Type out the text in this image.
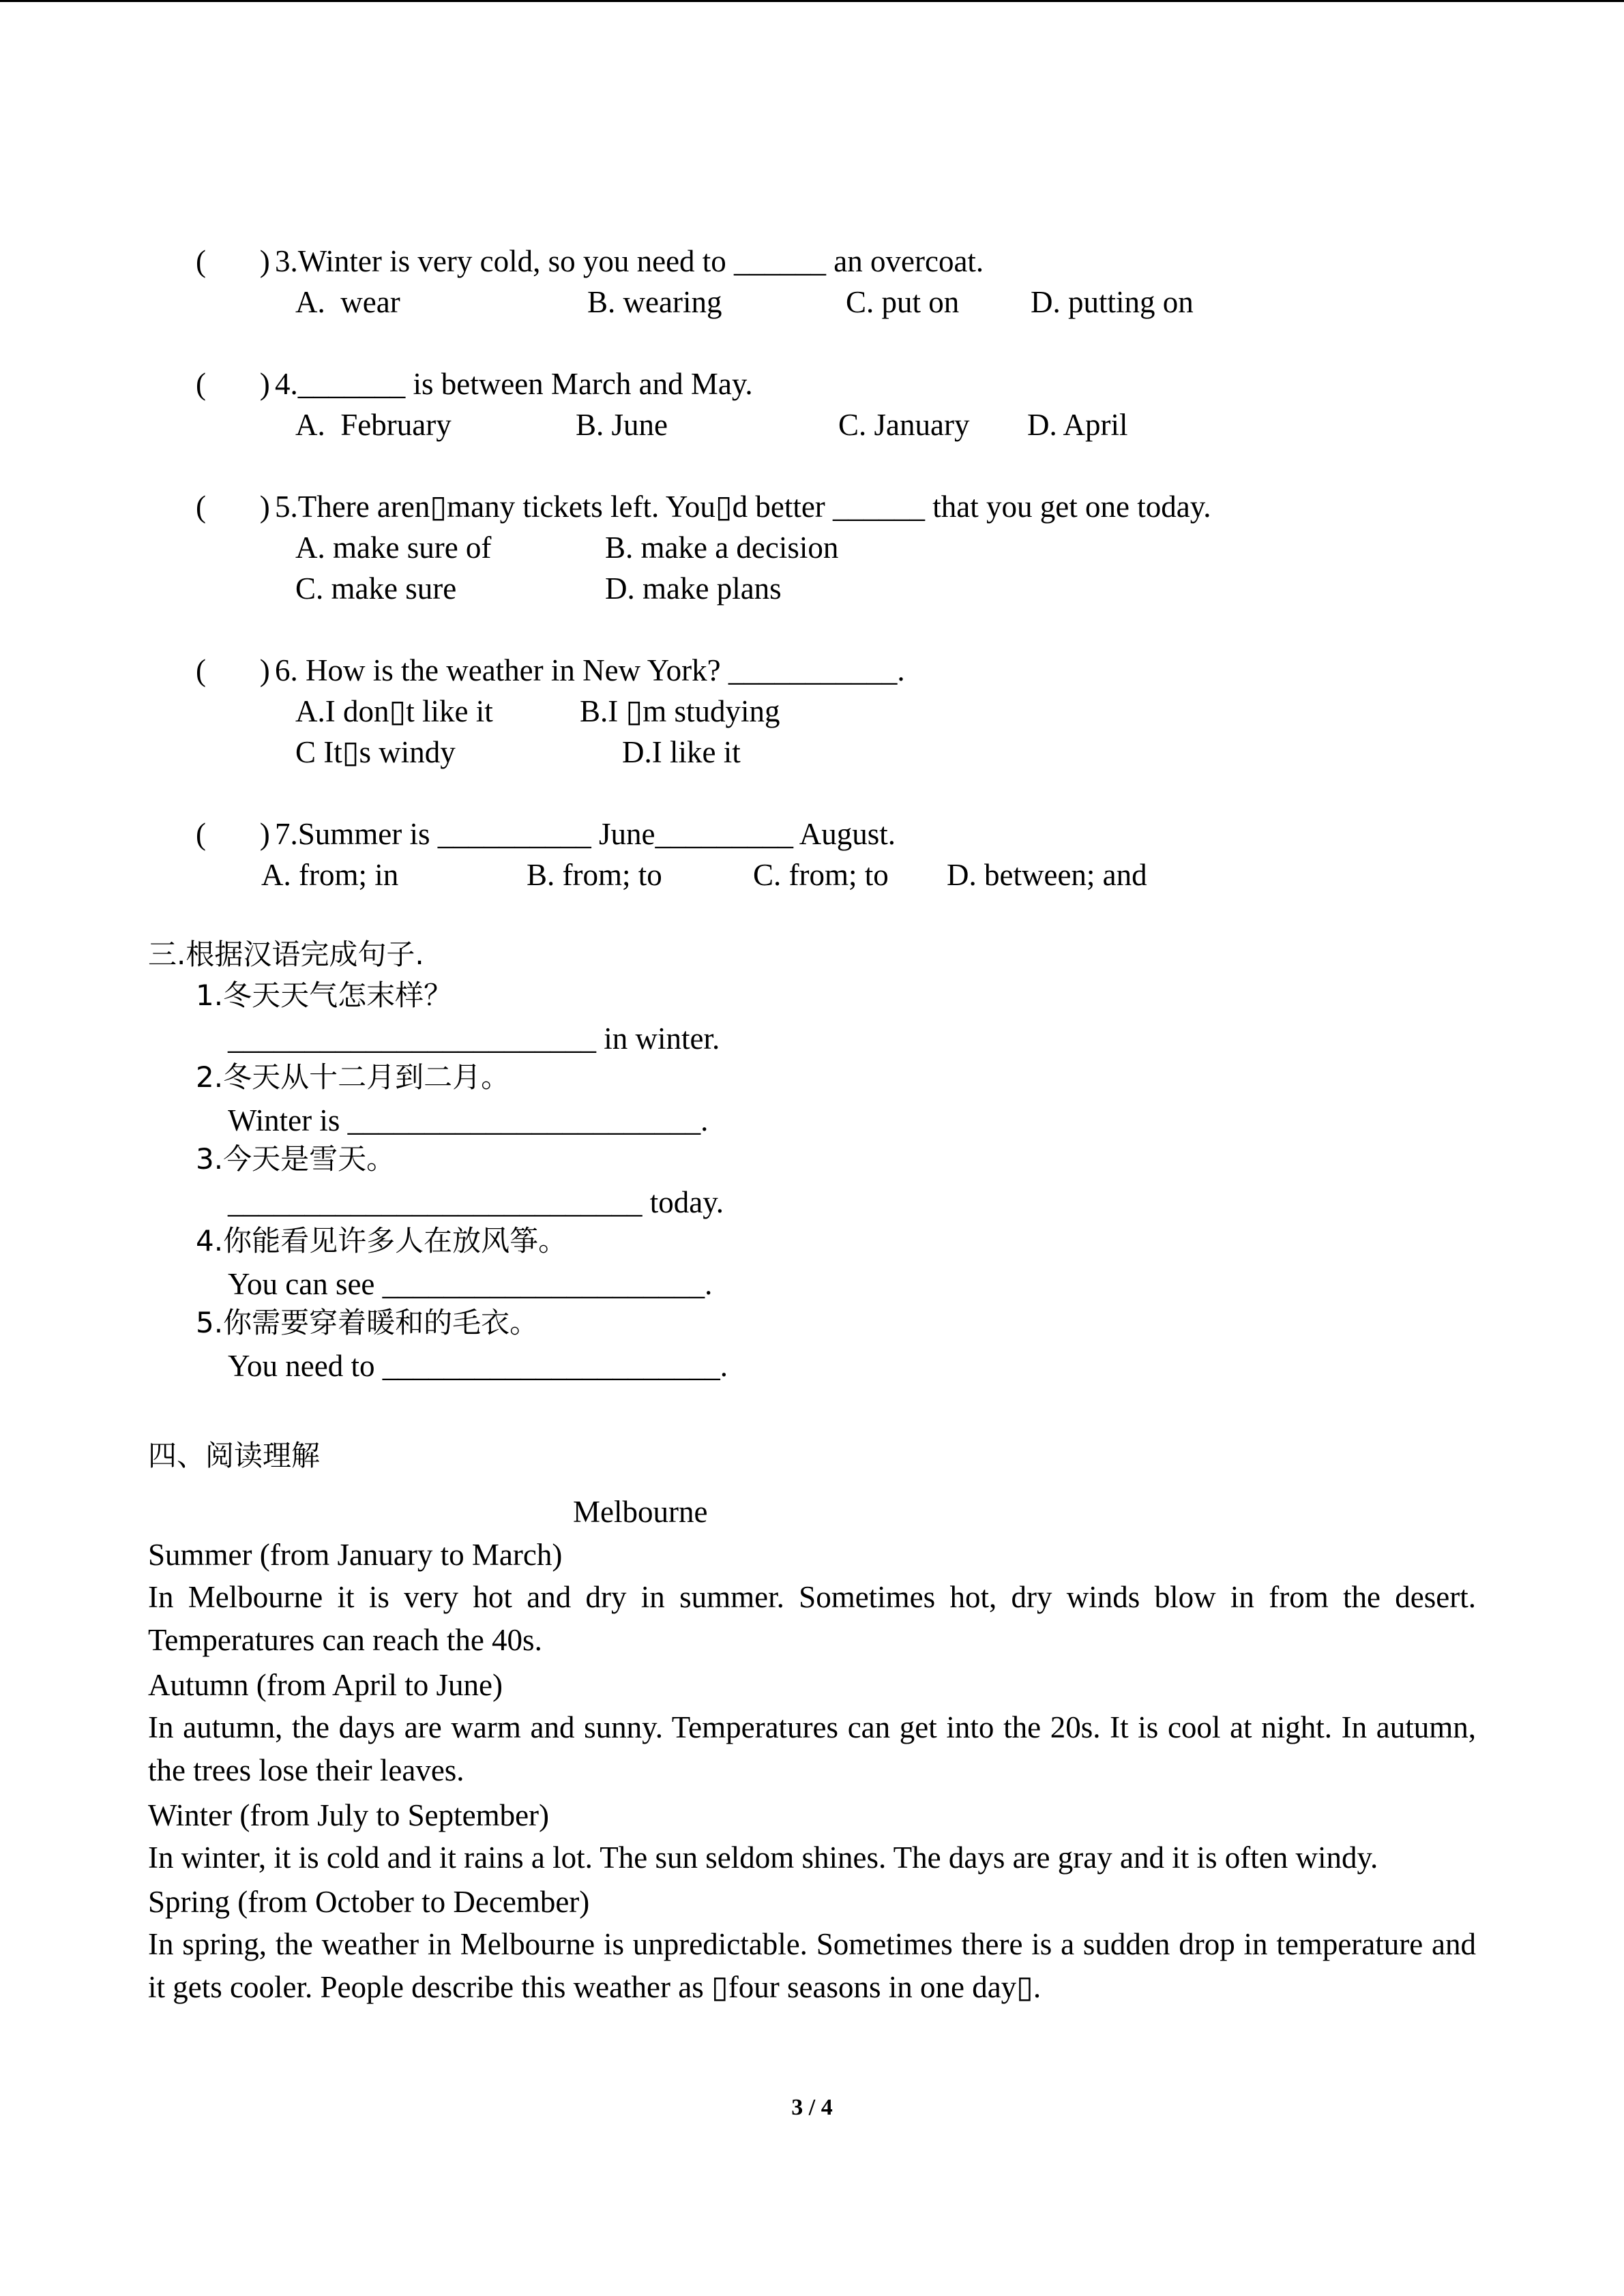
(       ) 3.Winter is very cold, so you need to ______ an overcoat.
A.  wear	B. wearing	C. put on D. putting on
(       ) 4._______ is between March and May.
A.  February	B. June	C. January D. April
(       ) 5.There aren▯many tickets left. You▯d better ______ that you get one today.
A. make sure of	B. make a decision
C. make sure	D. make plans
(       ) 6. How is the weather in New York? ___________.
A.I don▯t like it	B.I ▯m studying
C It▯s windy	D.I like it
(       ) 7.Summer is __________ June_________ August.
A. from; in	B. from; to	C. from; to D. between; and
三.根据汉语完成句子.
1.冬天天气怎末样？
________________________ in winter.
2.冬天从十二月到二月。
Winter is _______________________.
3.今天是雪天。
___________________________ today.
4.你能看见许多人在放风筝。
You can see _____________________.
5.你需要穿着暖和的毛衣。
You need to ______________________.
四、阅读理解
Melbourne
Summer (from January to March)
In Melbourne it is very hot and dry in summer. Sometimes hot, dry winds blow in from the desert. Temperatures can reach the 40s.
Autumn (from April to June)
In autumn, the days are warm and sunny. Temperatures can get into the 20s. It is cool at night. In autumn, the trees lose their leaves.
Winter (from July to September)
In winter, it is cold and it rains a lot. The sun seldom shines. The days are gray and it is often windy.
Spring (from October to December)
In spring, the weather in Melbourne is unpredictable. Sometimes there is a sudden drop in temperature and it gets cooler. People describe this weather as ▯four seasons in one day▯.
3 / 4
